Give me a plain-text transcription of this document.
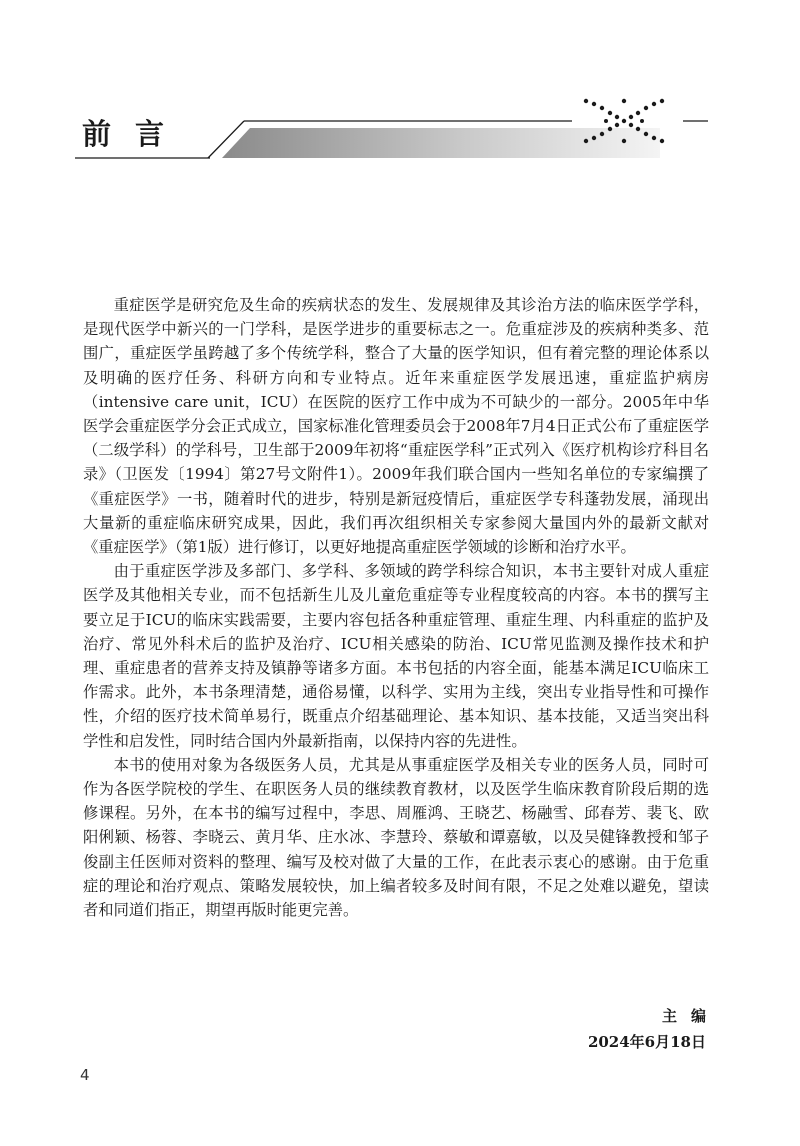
前言

重症医学是研究危及生命的疾病状态的发生、发展规律及其诊治方法的临床医学学科，是现代医学中新兴的一门学科，是医学进步的重要标志之一。危重症涉及的疾病种类多、范围广，重症医学虽跨越了多个传统学科，整合了大量的医学知识，但有着完整的理论体系以及明确的医疗任务、科研方向和专业特点。近年来重症医学发展迅速，重症监护病房（intensive care unit，ICU）在医院的医疗工作中成为不可缺少的一部分。2005年中华医学会重症医学分会正式成立，国家标准化管理委员会于2008年7月4日正式公布了重症医学（二级学科）的学科号，卫生部于2009年初将“重症医学科”正式列入《医疗机构诊疗科目名录》（卫医发〔1994〕第27号文附件1）。2009年我们联合国内一些知名单位的专家编撰了《重症医学》一书，随着时代的进步，特别是新冠疫情后，重症医学专科蓬勃发展，涌现出大量新的重症临床研究成果，因此，我们再次组织相关专家参阅大量国内外的最新文献对《重症医学》（第1版）进行修订，以更好地提高重症医学领域的诊断和治疗水平。

由于重症医学涉及多部门、多学科、多领域的跨学科综合知识，本书主要针对成人重症医学及其他相关专业，而不包括新生儿及儿童危重症等专业程度较高的内容。本书的撰写主要立足于ICU的临床实践需要，主要内容包括各种重症管理、重症生理、内科重症的监护及治疗、常见外科术后的监护及治疗、ICU相关感染的防治、ICU常见监测及操作技术和护理、重症患者的营养支持及镇静等诸多方面。本书包括的内容全面，能基本满足ICU临床工作需求。此外，本书条理清楚，通俗易懂，以科学、实用为主线，突出专业指导性和可操作性，介绍的医疗技术简单易行，既重点介绍基础理论、基本知识、基本技能，又适当突出科学性和启发性，同时结合国内外最新指南，以保持内容的先进性。

本书的使用对象为各级医务人员，尤其是从事重症医学及相关专业的医务人员，同时可作为各医学院校的学生、在职医务人员的继续教育教材，以及医学生临床教育阶段后期的选修课程。另外，在本书的编写过程中，李思、周雁鸿、王晓艺、杨融雪、邱春芳、裴飞、欧阳俐颖、杨蓉、李晓云、黄月华、庄水冰、李慧玲、蔡敏和谭嘉敏，以及吴健锋教授和邹子俊副主任医师对资料的整理、编写及校对做了大量的工作，在此表示衷心的感谢。由于危重症的理论和治疗观点、策略发展较快，加上编者较多及时间有限，不足之处难以避免，望读者和同道们指正，期望再版时能更完善。

主编
2024年6月18日
4
